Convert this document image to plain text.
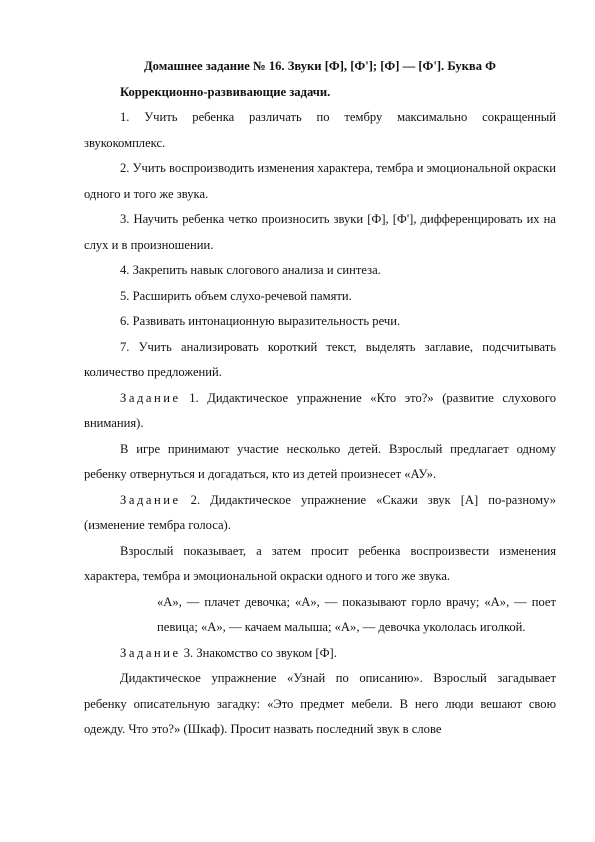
Домашнее задание № 16. Звуки [Ф], [Ф']; [Ф] — [Ф']. Буква Ф

Коррекционно-развивающие задачи.

1. Учить ребенка различать по тембру максимально сокращенный звукокомплекс.

2. Учить воспроизводить изменения характера, тембра и эмоциональной окраски одного и того же звука.

3. Научить ребенка четко произносить звуки [Ф], [Ф'], дифференцировать их на слух и в произношении.

4. Закрепить навык слогового анализа и синтеза.

5. Расширить объем слухо-речевой памяти.

6. Развивать интонационную выразительность речи.

7. Учить анализировать короткий текст, выделять заглавие, подсчитывать количество предложений.

Задание 1. Дидактическое упражнение «Кто это?» (развитие слухового внимания).

В игре принимают участие несколько детей. Взрослый предлагает одному ребенку отвернуться и догадаться, кто из детей произнесет «АУ».

Задание 2. Дидактическое упражнение «Скажи звук [А] по-разному» (изменение тембра голоса).

Взрослый показывает, а затем просит ребенка воспроизвести изменения характера, тембра и эмоциональной окраски одного и того же звука.

«А», — плачет девочка; «А», — показывают горло врачу; «А», — поет певица; «А», — качаем малыша; «А», — девочка укололась иголкой.

Задание 3. Знакомство со звуком [Ф].

Дидактическое упражнение «Узнай по описанию». Взрослый загадывает ребенку описательную загадку: «Это предмет мебели. В него люди вешают свою одежду. Что это?» (Шкаф). Просит назвать последний звук в слове
